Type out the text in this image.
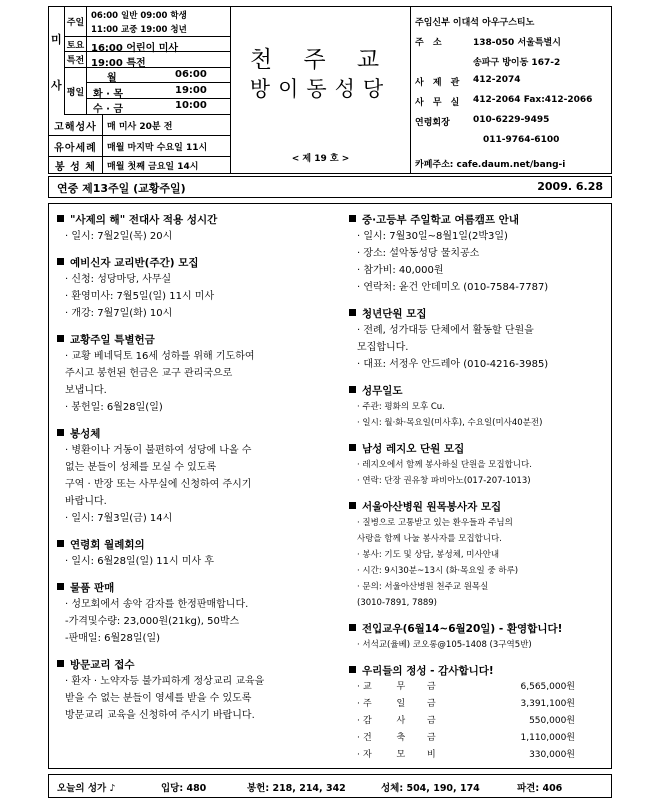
미
사
주일
06:00 일반 09:00 학생
11:00 교중 19:00 청년
토요 16:00 어린이 미사
특전 19:00 특전
평일
월	06:00
화 · 목	19:00
수 · 금	10:00
고해성사	매 미사 20분 전
유아세례	매월 마지막 수요일 11시
봉 성 체	매월 첫째 금요일 14시
천 주 교
방이동성당
< 제 19 호 >
주임신부 이대석 아우구스티노
주 소	138-050 서울특별시
송파구 방이동 167-2
사 제 관 412-2074
사 무 실 412-2064 Fax:412-2066
연령회장	010-6229-9495
011-9764-6100
카페주소: cafe.daum.net/bang-i
연중 제13주일 (교황주일)	2009. 6.28
"사제의 해" 전대사 적용 성시간
· 일시: 7월2일(목) 20시
예비신자 교리반(주간) 모집
· 신청: 성당마당, 사무실
· 환영미사: 7월5일(일) 11시 미사
· 개강: 7월7일(화) 10시
교황주일 특별헌금
· 교황 베네딕토 16세 성하를 위해 기도하여
주시고 봉헌된 헌금은 교구 관리국으로
보냅니다.
· 봉헌일: 6월28일(일)
봉성체
· 병환이나 거동이 불편하여 성당에 나올 수
없는 분들이 성체를 모실 수 있도록
구역 · 반장 또는 사무실에 신청하여 주시기
바랍니다.
· 일시: 7월3일(금) 14시
연령회 월례회의
· 일시: 6월28일(일) 11시 미사 후
물품 판매
· 성모회에서 송악 감자를 한정판매합니다.
-가격및수량: 23,000원(21kg), 50박스
-판매일: 6월28일(일)
방문교리 접수
· 환자 · 노약자등 불가피하게 정상교리 교육을
받을 수 없는 분들이 영세를 받을 수 있도록
방문교리 교육을 신청하여 주시기 바랍니다.
중·고등부 주일학교 여름캠프 안내
· 일시: 7월30일~8월1일(2박3일)
· 장소: 설악동성당 물치공소
· 참가비: 40,000원
· 연락처: 윤건 안데미오 (010-7584-7787)
청년단원 모집
· 전례, 성가대등 단체에서 활동할 단원을
모집합니다.
· 대표: 서정우 안드레아 (010-4216-3985)
성무일도
· 주관: 평화의 모후 Cu.
· 일시: 월·화·목요일(미사후), 수요일(미사40분전)
남성 레지오 단원 모집
· 레지오에서 함께 봉사하실 단원을 모집합니다.
· 연락: 단장 권유창 파비아노(017-207-1013)
서울아산병원 원목봉사자 모집
· 질병으로 고통받고 있는 환우들과 주님의
사랑을 함께 나눌 봉사자를 모집합니다.
· 봉사: 기도 및 상담, 봉성체, 미사안내
· 시간: 9시30분~13시 (화·목요일 중 하루)
· 문의: 서울아산병원 천주교 원목실
(3010-7891, 7889)
전입교우(6월14~6월20일) - 환영합니다!
· 서석교(율베) 코오롱@105-1408 (3구역5반)
우리들의 정성 - 감사합니다!
· 교 무 금	6,565,000원
· 주 일 금	3,391,100원
· 감 사 금	550,000원
· 건 축 금	1,110,000원
· 자 모 비	330,000원
오늘의 성가 ♪	입당: 480	봉헌: 218, 214, 342	성체: 504, 190, 174	파견: 406
